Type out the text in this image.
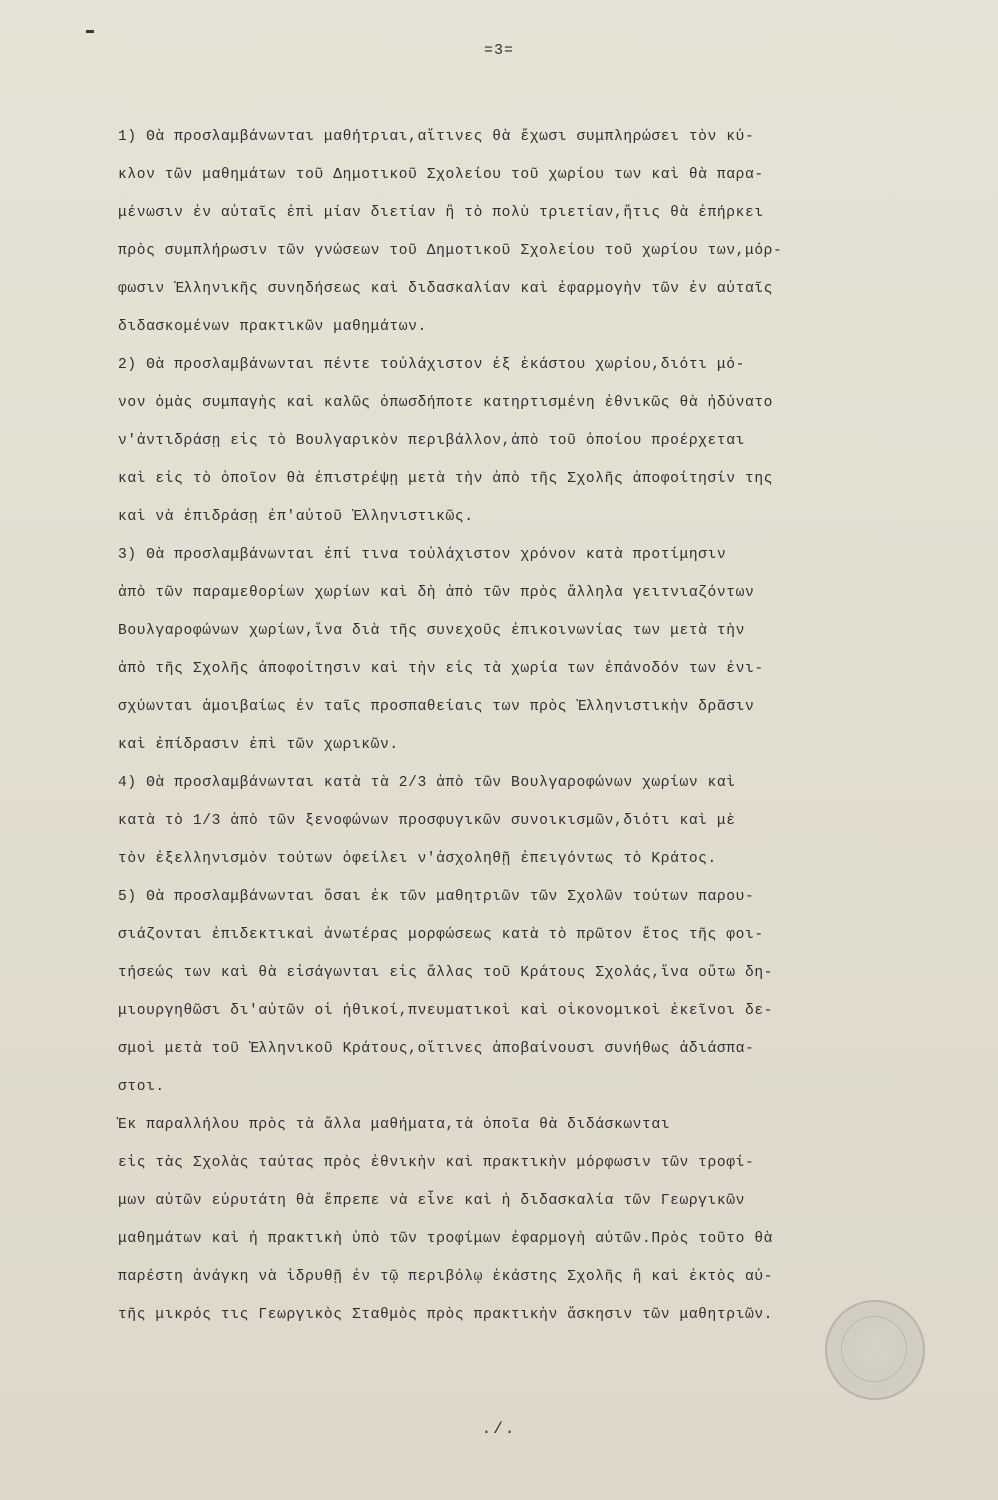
=3=
1) Θὰ προσλαμβάνωνται μαθήτριαι,αἵτινες θὰ ἔχωσι συμπληρώσει τὸν κύ-
κλον τῶν μαθημάτων τοῦ Δημοτικοῦ Σχολείου τοῦ χωρίου των καὶ θὰ παρα-
μένωσιν ἐν αὐταῖς ἐπὶ μίαν διετίαν ἢ τὸ πολὺ τριετίαν,ἥτις θὰ ἐπήρκει
πρὸς συμπλήρωσιν τῶν γνώσεων τοῦ Δημοτικοῦ Σχολείου τοῦ χωρίου των,μόρ-
φωσιν Ἑλληνικῆς συνηδήσεως καὶ διδασκαλίαν καὶ ἐφαρμογὴν τῶν ἐν αὐταῖς
διδασκομένων πρακτικῶν μαθημάτων.
2) Θὰ προσλαμβάνωνται πέντε τοὐλάχιστον ἐξ ἑκάστου χωρίου,διότι μό-
νον ὁμὰς συμπαγὴς καὶ καλῶς ὁπωσδήποτε κατηρτισμένη ἐθνικῶς θὰ ἠδύνατο
ν'ἀντιδράσῃ εἰς τὸ Βουλγαρικὸν περιβάλλον,ἀπὸ τοῦ ὁποίου προέρχεται
καὶ εἰς τὸ ὁποῖον θὰ ἐπιστρέψῃ μετὰ τὴν ἀπὸ τῆς Σχολῆς ἀποφοίτησίν της
καὶ νὰ ἐπιδράσῃ ἐπ'αὐτοῦ Ἑλληνιστικῶς.
3) Θὰ προσλαμβάνωνται ἐπί τινα τοὐλάχιστον χρόνον κατὰ προτίμησιν
ἀπὸ τῶν παραμεθορίων χωρίων καὶ δὴ ἀπὸ τῶν πρὸς ἄλληλα γειτνιαζόντων
Βουλγαροφώνων χωρίων,ἵνα διὰ τῆς συνεχοῦς ἐπικοινωνίας των μετὰ τὴν
ἀπὸ τῆς Σχολῆς ἀποφοίτησιν καὶ τὴν εἰς τὰ χωρία των ἐπάνοδόν των ἐνι-
σχύωνται ἀμοιβαίως ἐν ταῖς προσπαθείαις των πρὸς Ἑλληνιστικὴν δρᾶσιν
καὶ ἐπίδρασιν ἐπὶ τῶν χωρικῶν.
4) Θὰ προσλαμβάνωνται κατὰ τὰ 2/3 ἀπὸ τῶν Βουλγαροφώνων χωρίων καὶ
κατὰ τὸ 1/3 ἀπὸ τῶν ξενοφώνων προσφυγικῶν συνοικισμῶν,διότι καὶ μὲ
τὸν ἐξελληνισμὸν τούτων ὀφείλει ν'ἀσχοληθῇ ἐπειγόντως τὸ Κράτος.
5) Θὰ προσλαμβάνωνται ὅσαι ἐκ τῶν μαθητριῶν τῶν Σχολῶν τούτων παρου-
σιάζονται ἐπιδεκτικαὶ ἀνωτέρας μορφώσεως κατὰ τὸ πρῶτον ἔτος τῆς φοι-
τήσεώς των καὶ θὰ εἰσάγωνται εἰς ἄλλας τοῦ Κράτους Σχολάς,ἵνα οὕτω δη-
μιουργηθῶσι δι'αὐτῶν οἱ ἠθικοί,πνευματικοὶ καὶ οἰκονομικοὶ ἐκεῖνοι δε-
σμοὶ μετὰ τοῦ Ἑλληνικοῦ Κράτους,οἵτινες ἀποβαίνουσι συνήθως ἀδιάσπα-
στοι.
Ἐκ παραλλήλου πρὸς τὰ ἄλλα μαθήματα,τὰ ὁποῖα θὰ διδάσκωνται
εἰς τὰς Σχολὰς ταύτας πρὸς ἐθνικὴν καὶ πρακτικὴν μόρφωσιν τῶν τροφί-
μων αὐτῶν εὐρυτάτη θὰ ἔπρεπε νὰ εἶνε καὶ ἡ διδασκαλία τῶν Γεωργικῶν
μαθημάτων καὶ ἡ πρακτικὴ ὑπὸ τῶν τροφίμων ἐφαρμογὴ αὐτῶν.Πρὸς τοῦτο θὰ
παρέστη ἀνάγκη νὰ ἱδρυθῇ ἐν τῷ περιβόλῳ ἑκάστης Σχολῆς ἢ καὶ ἐκτὸς αὐ-
τῆς μικρός τις Γεωργικὸς Σταθμὸς πρὸς πρακτικὴν ἄσκησιν τῶν μαθητριῶν.
./.
